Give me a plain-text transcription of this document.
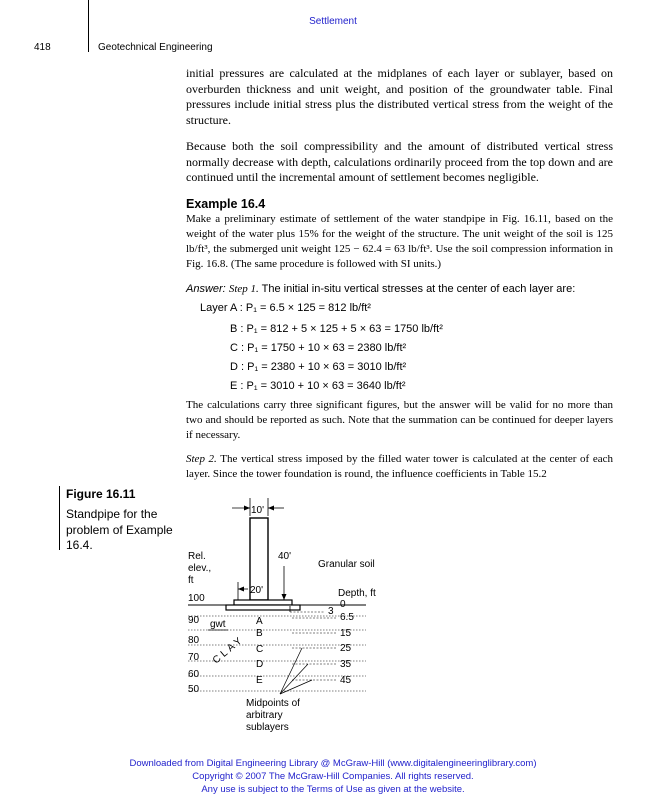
Settlement
418	Geotechnical Engineering
initial pressures are calculated at the midplanes of each layer or sublayer, based on overburden thickness and unit weight, and position of the groundwater table. Final pressures include initial stress plus the distributed vertical stress from the weight of the structure.
Because both the soil compressibility and the amount of distributed vertical stress normally decrease with depth, calculations ordinarily proceed from the top down and are continued until the incremental amount of settlement becomes negligible.
Example 16.4
Make a preliminary estimate of settlement of the water standpipe in Fig. 16.11, based on the weight of the water plus 15% for the weight of the structure. The unit weight of the soil is 125 lb/ft³, the submerged unit weight 125 − 62.4 = 63 lb/ft³. Use the soil compression information in Fig. 16.8. (The same procedure is followed with SI units.)
Answer: Step 1. The initial in-situ vertical stresses at the center of each layer are:
Layer A : P₁ = 6.5 × 125 = 812 lb/ft²
B : P₁ = 812 + 5 × 125 + 5 × 63 = 1750 lb/ft²
C : P₁ = 1750 + 10 × 63 = 2380 lb/ft²
D : P₁ = 2380 + 10 × 63 = 3010 lb/ft²
E : P₁ = 3010 + 10 × 63 = 3640 lb/ft²
The calculations carry three significant figures, but the answer will be valid for no more than two and should be reported as such. Note that the summation can be continued for deeper layers if necessary.
Step 2. The vertical stress imposed by the filled water tower is calculated at the center of each layer. Since the tower foundation is round, the influence coefficients in Table 15.2
Figure 16.11
Standpipe for the problem of Example 16.4.
10'
40'
Granular soil
Rel.
elev.,
ft
20'
100
90
80
70
60
50
gwt
CLAY
A
B
C
D
E
Depth, ft
0
3
6.5
15
25
35
45
Midpoints of
arbitrary
sublayers
Downloaded from Digital Engineering Library @ McGraw-Hill (www.digitalengineeringlibrary.com)
Copyright © 2007 The McGraw-Hill Companies. All rights reserved.
Any use is subject to the Terms of Use as given at the website.
